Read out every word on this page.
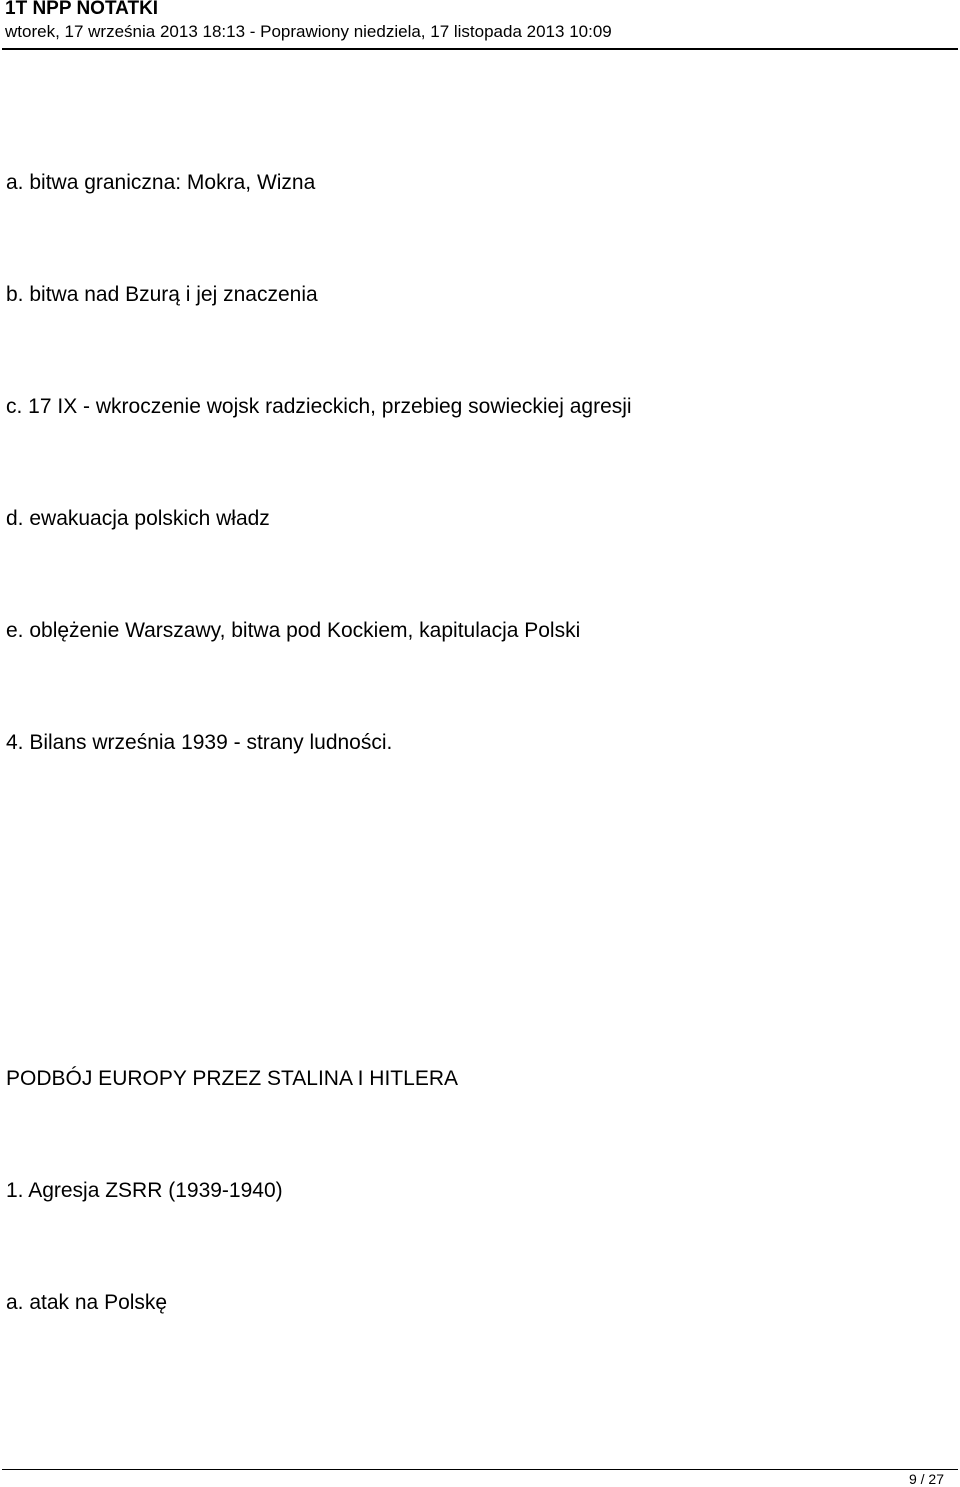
1T NPP NOTATKI
wtorek, 17 września 2013 18:13 - Poprawiony niedziela, 17 listopada 2013 10:09
a. bitwa graniczna: Mokra, Wizna
b. bitwa nad Bzurą i jej znaczenia
c. 17 IX - wkroczenie wojsk radzieckich, przebieg sowieckiej agresji
d. ewakuacja polskich władz
e. oblężenie Warszawy, bitwa pod Kockiem, kapitulacja Polski
4. Bilans września 1939 - strany ludności.
PODBÓJ EUROPY PRZEZ STALINA I HITLERA
1. Agresja ZSRR (1939-1940)
a. atak na Polskę
9 / 27
